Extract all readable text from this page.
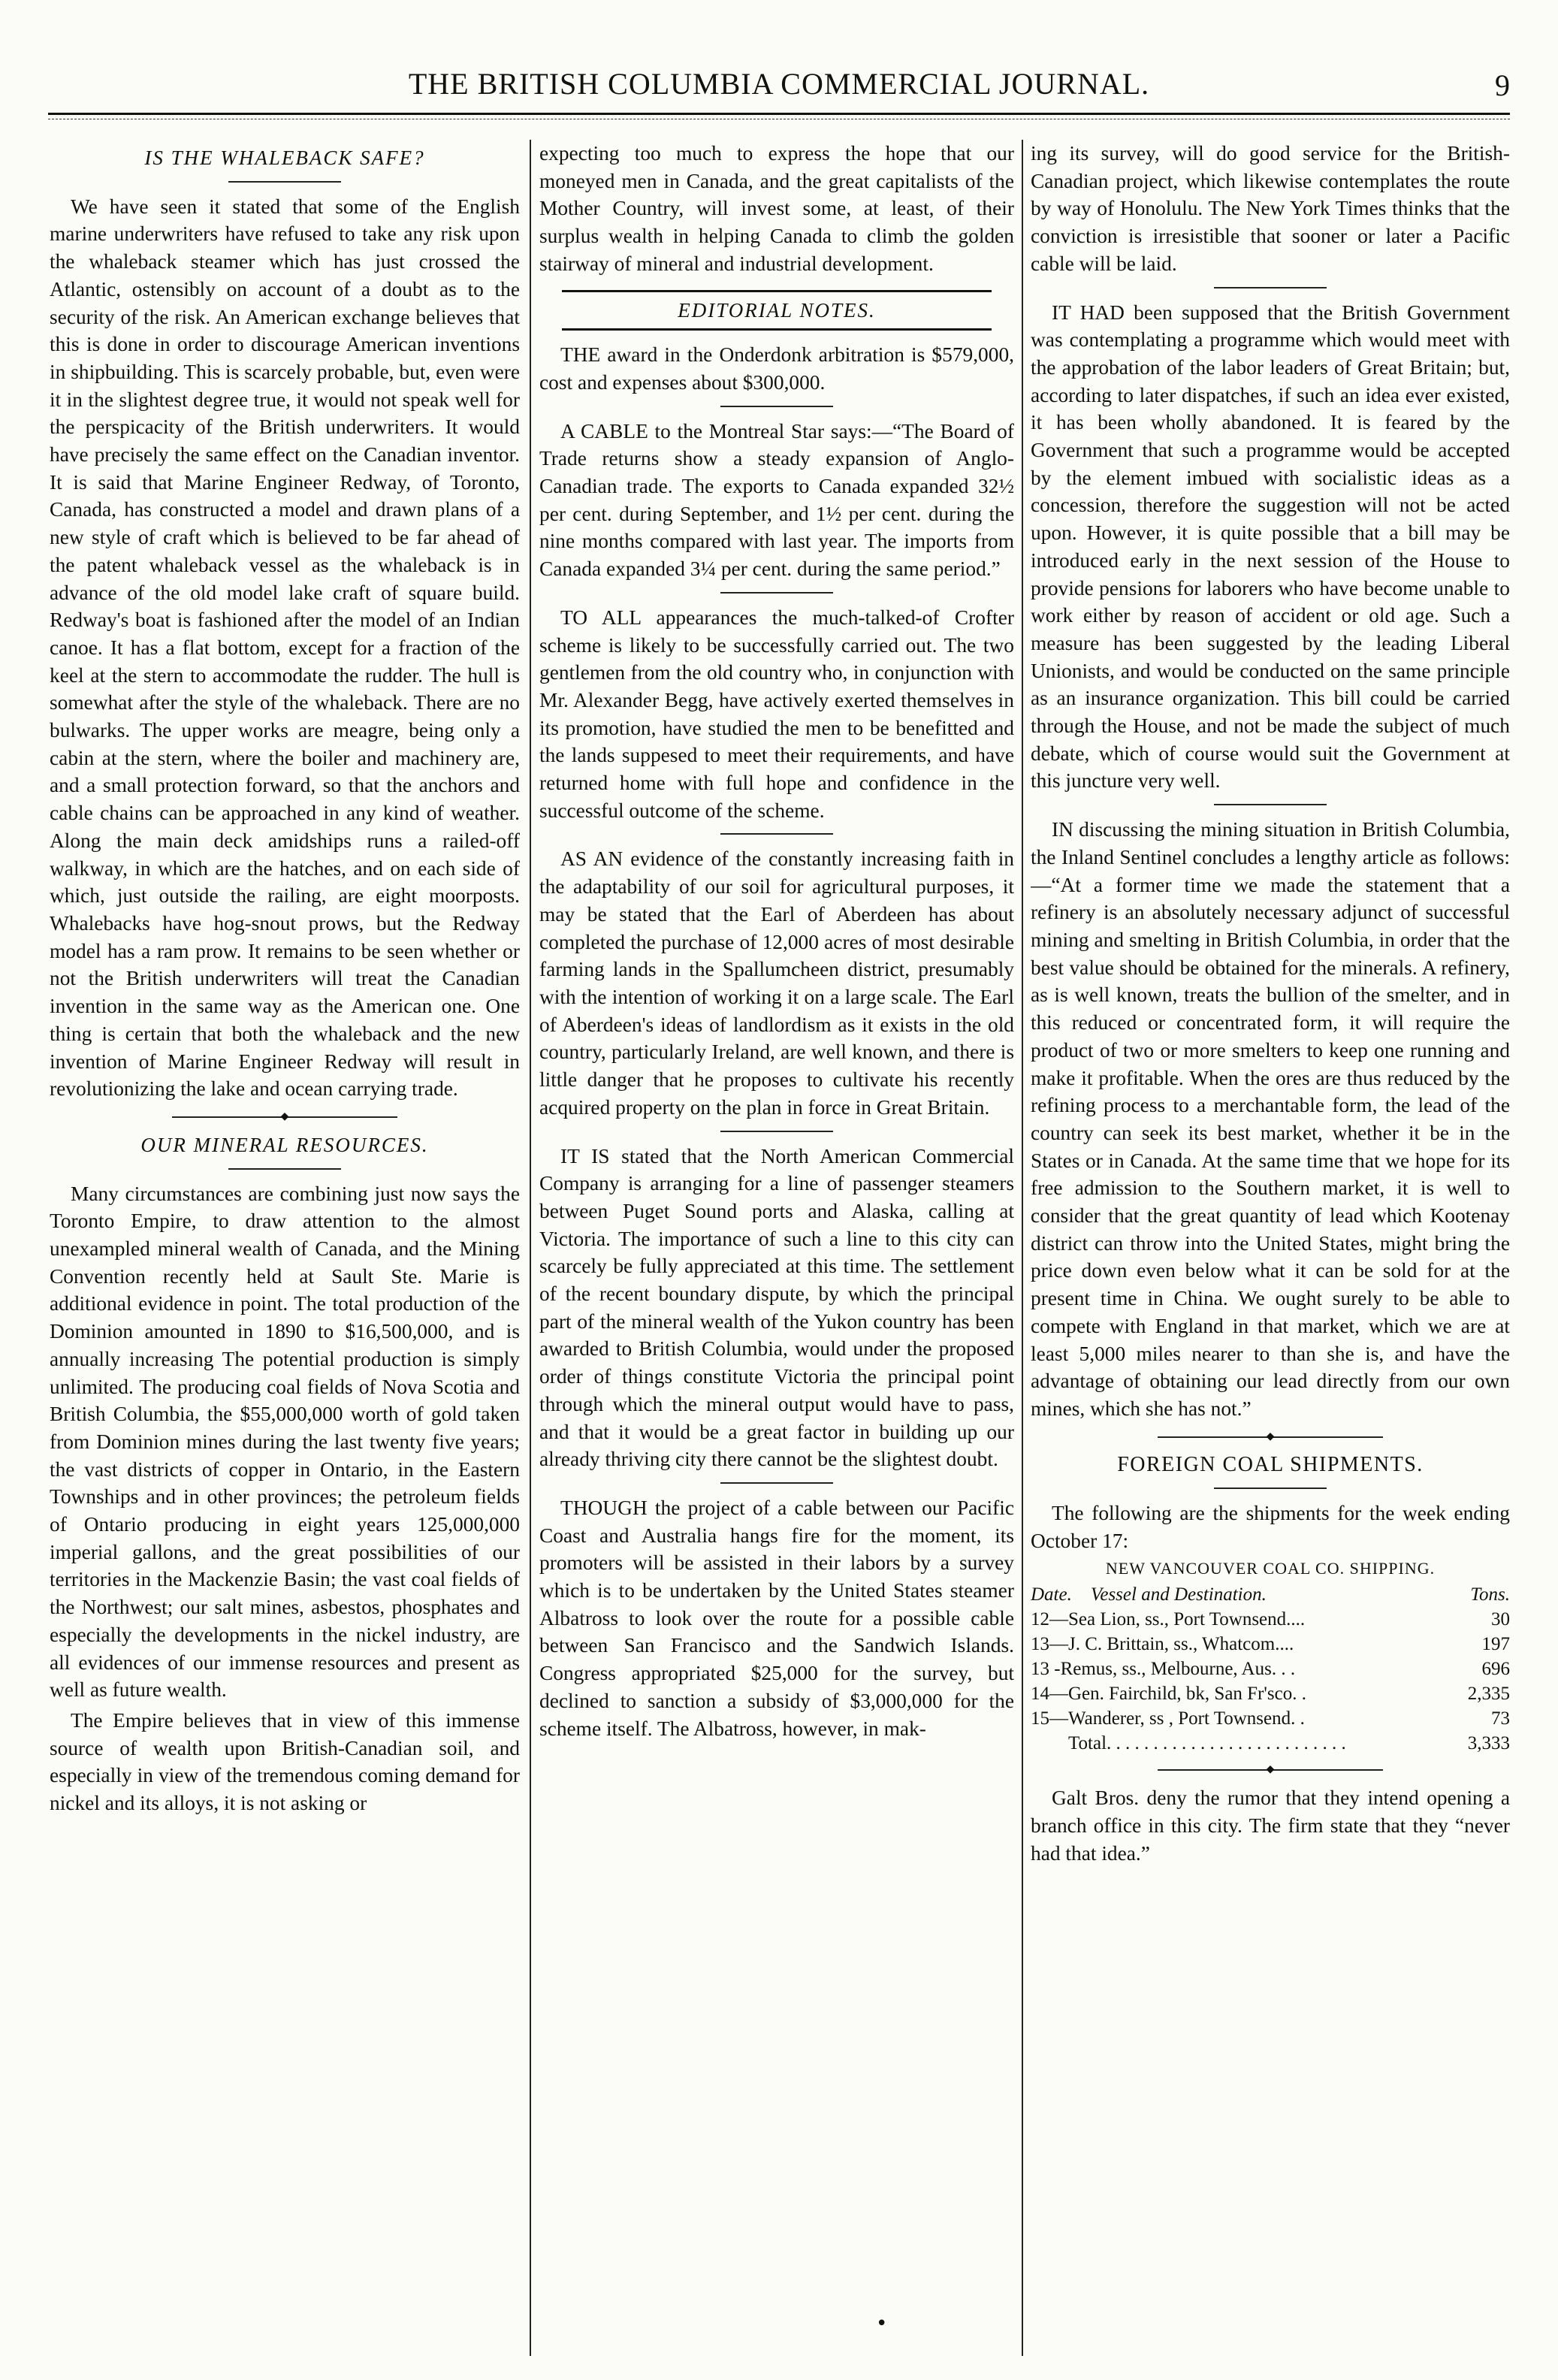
THE BRITISH COLUMBIA COMMERCIAL JOURNAL.	9
IS THE WHALEBACK SAFE?

We have seen it stated that some of the English marine underwriters have refused to take any risk upon the whaleback steamer which has just crossed the Atlantic, ostensibly on account of a doubt as to the security of the risk. An American exchange believes that this is done in order to discourage American inventions in shipbuilding. This is scarcely probable, but, even were it in the slightest degree true, it would not speak well for the perspicacity of the British underwriters. It would have precisely the same effect on the Canadian inventor. It is said that Marine Engineer Redway, of Toronto, Canada, has constructed a model and drawn plans of a new style of craft which is believed to be far ahead of the patent whaleback vessel as the whaleback is in advance of the old model lake craft of square build. Redway's boat is fashioned after the model of an Indian canoe. It has a flat bottom, except for a fraction of the keel at the stern to accommodate the rudder. The hull is somewhat after the style of the whaleback. There are no bulwarks. The upper works are meagre, being only a cabin at the stern, where the boiler and machinery are, and a small protection forward, so that the anchors and cable chains can be approached in any kind of weather. Along the main deck amidships runs a railed-off walkway, in which are the hatches, and on each side of which, just outside the railing, are eight moorposts. Whalebacks have hog-snout prows, but the Redway model has a ram prow. It remains to be seen whether or not the British underwriters will treat the Canadian invention in the same way as the American one. One thing is certain that both the whaleback and the new invention of Marine Engineer Redway will result in revolutionizing the lake and ocean carrying trade.

◆
OUR MINERAL RESOURCES.

Many circumstances are combining just now says the Toronto Empire, to draw attention to the almost unexampled mineral wealth of Canada, and the Mining Convention recently held at Sault Ste. Marie is additional evidence in point. The total production of the Dominion amounted in 1890 to $16,500,000, and is annually increasing The potential production is simply unlimited. The producing coal fields of Nova Scotia and British Columbia, the $55,000,000 worth of gold taken from Dominion mines during the last twenty five years; the vast districts of copper in Ontario, in the Eastern Townships and in other provinces; the petroleum fields of Ontario producing in eight years 125,000,000 imperial gallons, and the great possibilities of our territories in the Mackenzie Basin; the vast coal fields of the Northwest; our salt mines, asbestos, phosphates and especially the developments in the nickel industry, are all evidences of our immense resources and present as well as future wealth.

The Empire believes that in view of this immense source of wealth upon British-Canadian soil, and especially in view of the tremendous coming demand for nickel and its alloys, it is not asking or

expecting too much to express the hope that our moneyed men in Canada, and the great capitalists of the Mother Country, will invest some, at least, of their surplus wealth in helping Canada to climb the golden stairway of mineral and industrial development.

EDITORIAL NOTES.

THE award in the Onderdonk arbitration is $579,000, cost and expenses about $300,000.

A CABLE to the Montreal Star says:—“The Board of Trade returns show a steady expansion of Anglo-Canadian trade. The exports to Canada expanded 32½ per cent. during September, and 1½ per cent. during the nine months compared with last year. The imports from Canada expanded 3¼ per cent. during the same period.”

TO ALL appearances the much-talked-of Crofter scheme is likely to be successfully carried out. The two gentlemen from the old country who, in conjunction with Mr. Alexander Begg, have actively exerted themselves in its promotion, have studied the men to be benefitted and the lands suppesed to meet their requirements, and have returned home with full hope and confidence in the successful outcome of the scheme.

AS AN evidence of the constantly increasing faith in the adaptability of our soil for agricultural purposes, it may be stated that the Earl of Aberdeen has about completed the purchase of 12,000 acres of most desirable farming lands in the Spallumcheen district, presumably with the intention of working it on a large scale. The Earl of Aberdeen's ideas of landlordism as it exists in the old country, particularly Ireland, are well known, and there is little danger that he proposes to cultivate his recently acquired property on the plan in force in Great Britain.

IT IS stated that the North American Commercial Company is arranging for a line of passenger steamers between Puget Sound ports and Alaska, calling at Victoria. The importance of such a line to this city can scarcely be fully appreciated at this time. The settlement of the recent boundary dispute, by which the principal part of the mineral wealth of the Yukon country has been awarded to British Columbia, would under the proposed order of things constitute Victoria the principal point through which the mineral output would have to pass, and that it would be a great factor in building up our already thriving city there cannot be the slightest doubt.

THOUGH the project of a cable between our Pacific Coast and Australia hangs fire for the moment, its promoters will be assisted in their labors by a survey which is to be undertaken by the United States steamer Albatross to look over the route for a possible cable between San Francisco and the Sandwich Islands. Congress appropriated $25,000 for the survey, but declined to sanction a subsidy of $3,000,000 for the scheme itself. The Albatross, however, in mak-

ing its survey, will do good service for the British-Canadian project, which likewise contemplates the route by way of Honolulu. The New York Times thinks that the conviction is irresistible that sooner or later a Pacific cable will be laid.

IT HAD been supposed that the British Government was contemplating a programme which would meet with the approbation of the labor leaders of Great Britain; but, according to later dispatches, if such an idea ever existed, it has been wholly abandoned. It is feared by the Government that such a programme would be accepted by the element imbued with socialistic ideas as a concession, therefore the suggestion will not be acted upon. However, it is quite possible that a bill may be introduced early in the next session of the House to provide pensions for laborers who have become unable to work either by reason of accident or old age. Such a measure has been suggested by the leading Liberal Unionists, and would be conducted on the same principle as an insurance organization. This bill could be carried through the House, and not be made the subject of much debate, which of course would suit the Government at this juncture very well.

IN discussing the mining situation in British Columbia, the Inland Sentinel concludes a lengthy article as follows:—“At a former time we made the statement that a refinery is an absolutely necessary adjunct of successful mining and smelting in British Columbia, in order that the best value should be obtained for the minerals. A refinery, as is well known, treats the bullion of the smelter, and in this reduced or concentrated form, it will require the product of two or more smelters to keep one running and make it profitable. When the ores are thus reduced by the refining process to a merchantable form, the lead of the country can seek its best market, whether it be in the States or in Canada. At the same time that we hope for its free admission to the Southern market, it is well to consider that the great quantity of lead which Kootenay district can throw into the United States, might bring the price down even below what it can be sold for at the present time in China. We ought surely to be able to compete with England in that market, which we are at least 5,000 miles nearer to than she is, and have the advantage of obtaining our lead directly from our own mines, which she has not.”

◆
FOREIGN COAL SHIPMENTS.

The following are the shipments for the week ending October 17:

NEW VANCOUVER COAL CO. SHIPPING.
Date. Vessel and Destination.	Tons.
12—Sea Lion, ss., Port Townsend....	30
13—J. C. Brittain, ss., Whatcom....	197
13 -Remus, ss., Melbourne, Aus. . .	696
14—Gen. Fairchild, bk, San Fr'sco. .	2,335
15—Wanderer, ss , Port Townsend. .	73
Total. . . . . . . . . . . . . . . . . . . . . . . . . .	3,333
◆

Galt Bros. deny the rumor that they intend opening a branch office in this city. The firm state that they “never had that idea.”

•
